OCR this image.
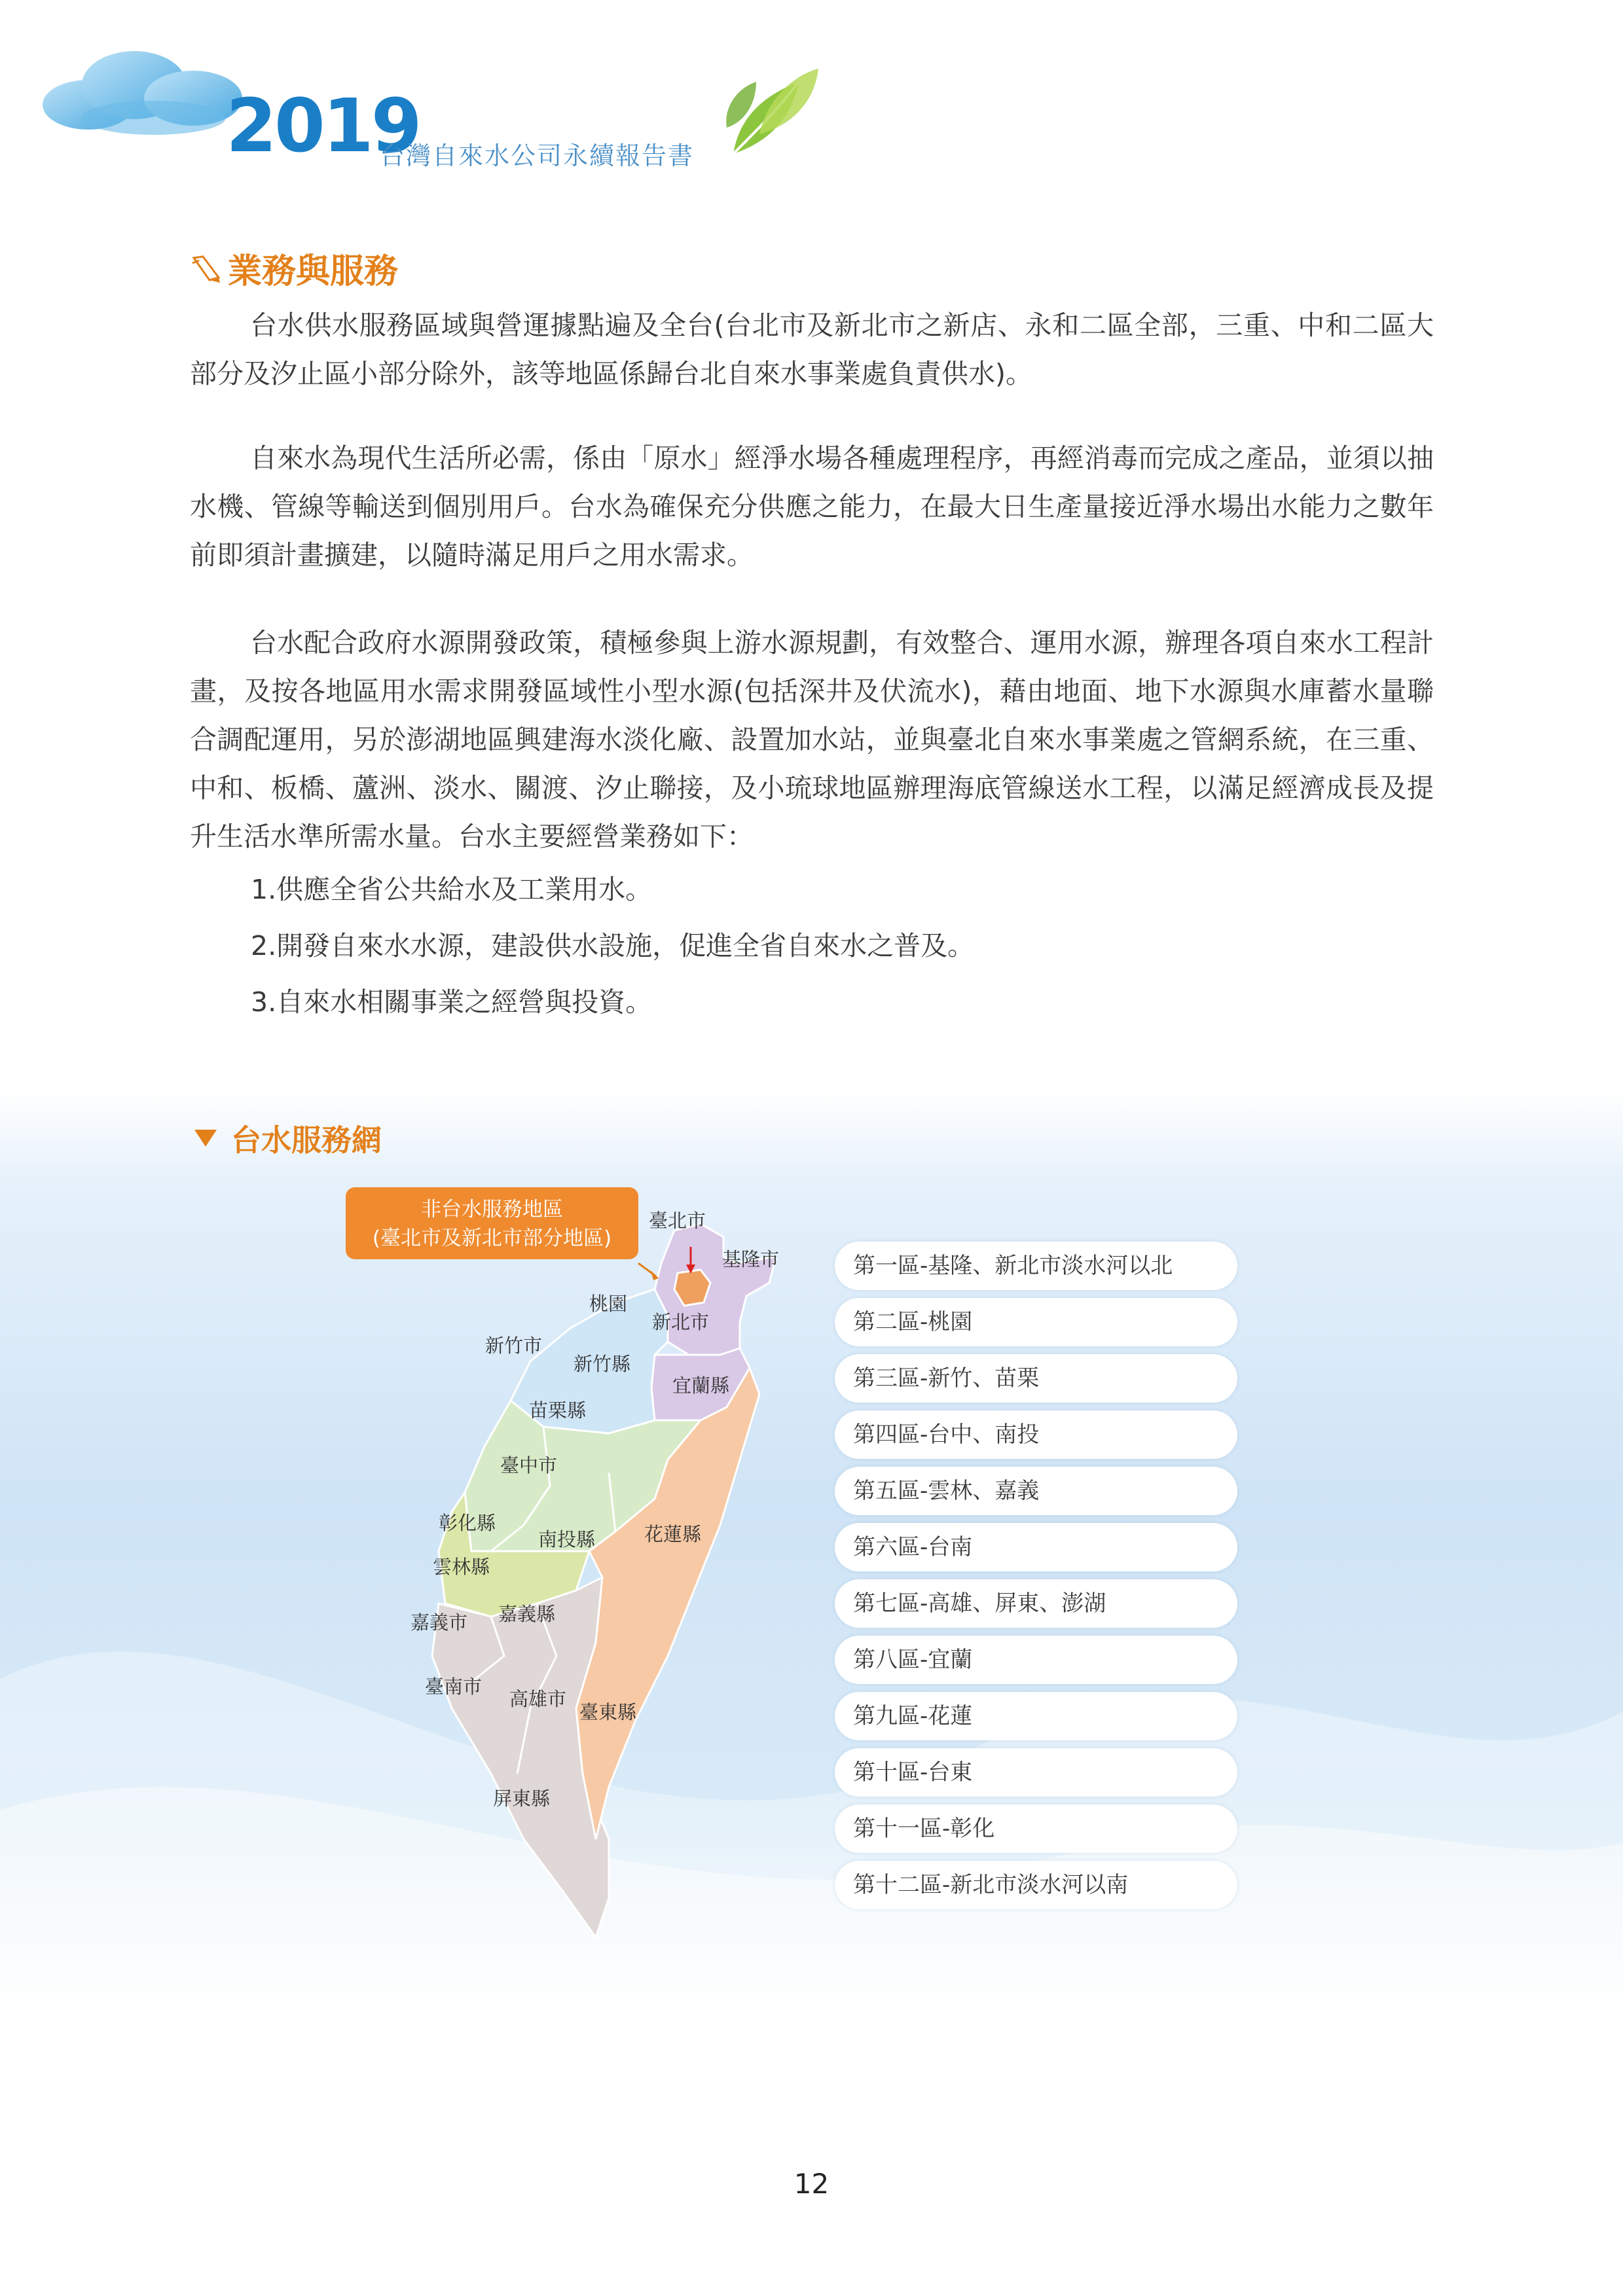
2019
台灣自來水公司永續報告書
業務與服務

台水供水服務區域與營運據點遍及全台(台北市及新北市之新店、永和二區全部，三重、中和二區大部分及汐止區小部分除外，該等地區係歸台北自來水事業處負責供水)。

自來水為現代生活所必需，係由「原水」經淨水場各種處理程序，再經消毒而完成之產品，並須以抽水機、管線等輸送到個別用戶。台水為確保充分供應之能力，在最大日生產量接近淨水場出水能力之數年前即須計畫擴建，以隨時滿足用戶之用水需求。

台水配合政府水源開發政策，積極參與上游水源規劃，有效整合、運用水源，辦理各項自來水工程計畫，及按各地區用水需求開發區域性小型水源(包括深井及伏流水)，藉由地面、地下水源與水庫蓄水量聯合調配運用，另於澎湖地區興建海水淡化廠、設置加水站，並與臺北自來水事業處之管網系統，在三重、中和、板橋、蘆洲、淡水、關渡、汐止聯接，及小琉球地區辦理海底管線送水工程，以滿足經濟成長及提升生活水準所需水量。台水主要經營業務如下：

1.供應全省公共給水及工業用水。
2.開發自來水水源，建設供水設施，促進全省自來水之普及。
3.自來水相關事業之經營與投資。
台水服務網
非台水服務地區
(臺北市及新北市部分地區)
臺北市
基隆市
桃園
新北市
新竹市
新竹縣
宜蘭縣
苗栗縣
臺中市
彰化縣
南投縣	花蓮縣
雲林縣
嘉義市 嘉義縣
臺南市
高雄市
臺東縣
屏東縣
第一區-基隆、新北市淡水河以北
第二區-桃園
第三區-新竹、苗栗
第四區-台中、南投
第五區-雲林、嘉義
第六區-台南
第七區-高雄、屏東、澎湖
第八區-宜蘭
第九區-花蓮
第十區-台東
第十一區-彰化
第十二區-新北市淡水河以南
12
